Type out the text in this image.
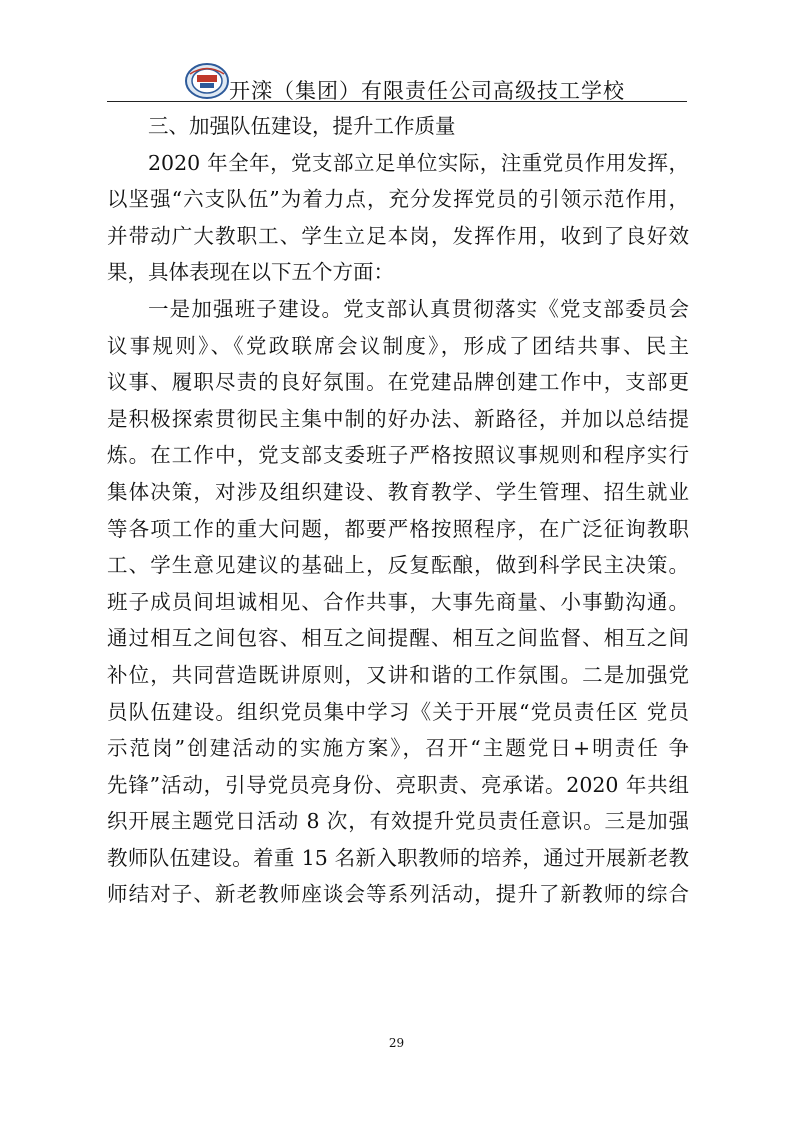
开滦（集团）有限责任公司高级技工学校
三、加强队伍建设，提升工作质量
2020 年全年，党支部立足单位实际，注重党员作用发挥，
以坚强“六支队伍”为着力点，充分发挥党员的引领示范作用，
并带动广大教职工、学生立足本岗，发挥作用，收到了良好效
果，具体表现在以下五个方面：
一是加强班子建设。党支部认真贯彻落实《党支部委员会
议事规则》、《党政联席会议制度》，形成了团结共事、民主
议事、履职尽责的良好氛围。在党建品牌创建工作中，支部更
是积极探索贯彻民主集中制的好办法、新路径，并加以总结提
炼。在工作中，党支部支委班子严格按照议事规则和程序实行
集体决策，对涉及组织建设、教育教学、学生管理、招生就业
等各项工作的重大问题，都要严格按照程序，在广泛征询教职
工、学生意见建议的基础上，反复酝酿，做到科学民主决策。
班子成员间坦诚相见、合作共事，大事先商量、小事勤沟通。
通过相互之间包容、相互之间提醒、相互之间监督、相互之间
补位，共同营造既讲原则，又讲和谐的工作氛围。二是加强党
员队伍建设。组织党员集中学习《关于开展“党员责任区 党员
示范岗”创建活动的实施方案》，召开“主题党日+明责任 争
先锋”活动，引导党员亮身份、亮职责、亮承诺。2020 年共组
织开展主题党日活动 8 次，有效提升党员责任意识。三是加强
教师队伍建设。着重 15 名新入职教师的培养，通过开展新老教
师结对子、新老教师座谈会等系列活动，提升了新教师的综合
29
